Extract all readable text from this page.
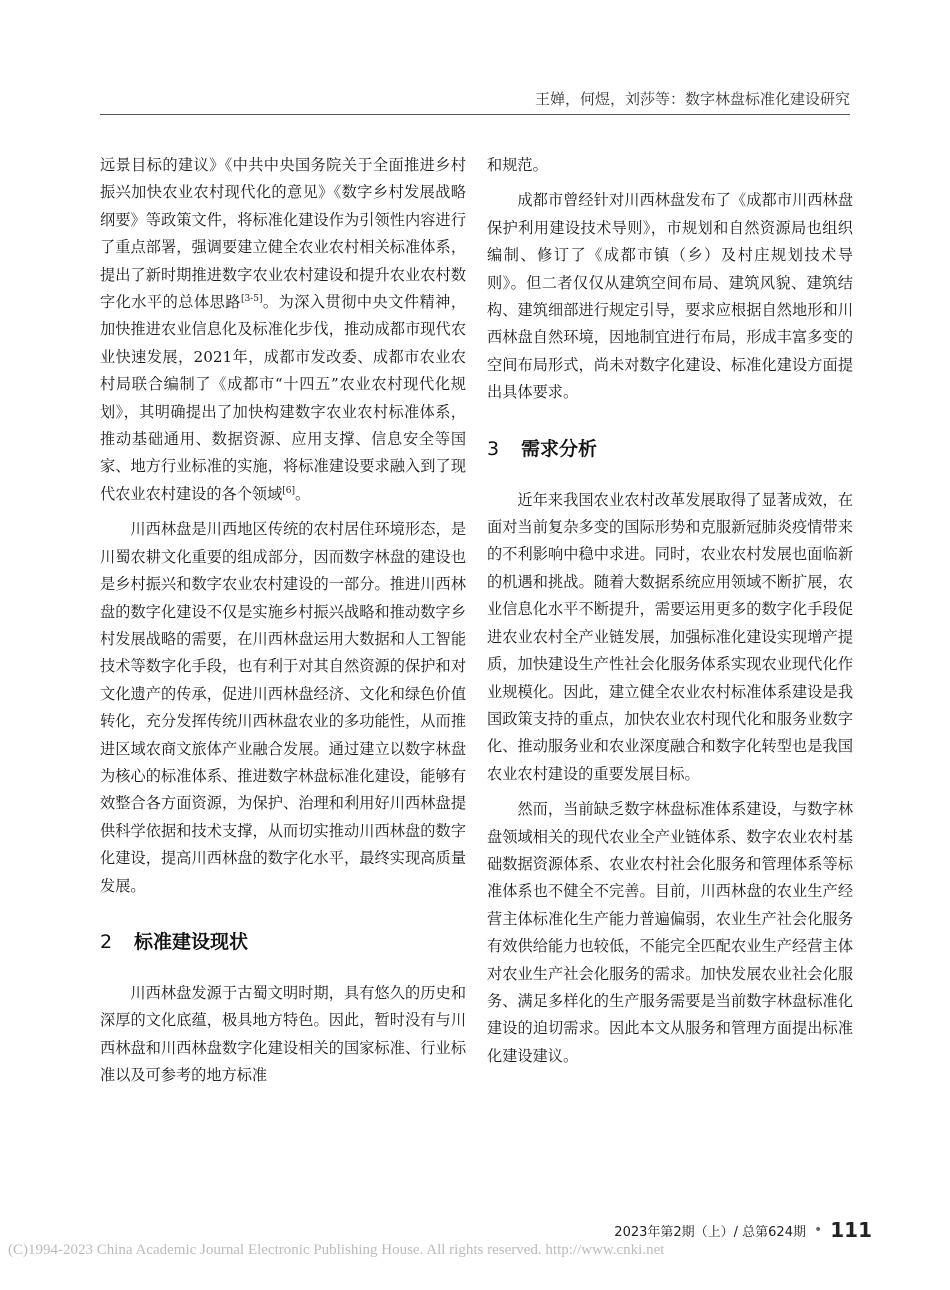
王婵，何煜，刘莎等：数字林盘标准化建设研究

远景目标的建议》《中共中央国务院关于全面推进乡村振兴加快农业农村现代化的意见》《数字乡村发展战略纲要》等政策文件，将标准化建设作为引领性内容进行了重点部署，强调要建立健全农业农村相关标准体系，提出了新时期推进数字农业农村建设和提升农业农村数字化水平的总体思路[3-5]。为深入贯彻中央文件精神，加快推进农业信息化及标准化步伐，推动成都市现代农业快速发展，2021年，成都市发改委、成都市农业农村局联合编制了《成都市“十四五”农业农村现代化规划》，其明确提出了加快构建数字农业农村标准体系，推动基础通用、数据资源、应用支撑、信息安全等国家、地方行业标准的实施，将标准建设要求融入到了现代农业农村建设的各个领域[6]。

川西林盘是川西地区传统的农村居住环境形态，是川蜀农耕文化重要的组成部分，因而数字林盘的建设也是乡村振兴和数字农业农村建设的一部分。推进川西林盘的数字化建设不仅是实施乡村振兴战略和推动数字乡村发展战略的需要，在川西林盘运用大数据和人工智能技术等数字化手段，也有利于对其自然资源的保护和对文化遗产的传承，促进川西林盘经济、文化和绿色价值转化，充分发挥传统川西林盘农业的多功能性，从而推进区域农商文旅体产业融合发展。通过建立以数字林盘为核心的标准体系、推进数字林盘标准化建设，能够有效整合各方面资源，为保护、治理和利用好川西林盘提供科学依据和技术支撑，从而切实推动川西林盘的数字化建设，提高川西林盘的数字化水平，最终实现高质量发展。

2 标准建设现状

川西林盘发源于古蜀文明时期，具有悠久的历史和深厚的文化底蕴，极具地方特色。因此，暂时没有与川西林盘和川西林盘数字化建设相关的国家标准、行业标准以及可参考的地方标准

和规范。

成都市曾经针对川西林盘发布了《成都市川西林盘保护利用建设技术导则》，市规划和自然资源局也组织编制、修订了《成都市镇（乡）及村庄规划技术导则》。但二者仅仅从建筑空间布局、建筑风貌、建筑结构、建筑细部进行规定引导，要求应根据自然地形和川西林盘自然环境，因地制宜进行布局，形成丰富多变的空间布局形式，尚未对数字化建设、标准化建设方面提出具体要求。

3 需求分析

近年来我国农业农村改革发展取得了显著成效，在面对当前复杂多变的国际形势和克服新冠肺炎疫情带来的不利影响中稳中求进。同时，农业农村发展也面临新的机遇和挑战。随着大数据系统应用领域不断扩展，农业信息化水平不断提升，需要运用更多的数字化手段促进农业农村全产业链发展，加强标准化建设实现增产提质，加快建设生产性社会化服务体系实现农业现代化作业规模化。因此，建立健全农业农村标准体系建设是我国政策支持的重点，加快农业农村现代化和服务业数字化、推动服务业和农业深度融合和数字化转型也是我国农业农村建设的重要发展目标。

然而，当前缺乏数字林盘标准体系建设，与数字林盘领域相关的现代农业全产业链体系、数字农业农村基础数据资源体系、农业农村社会化服务和管理体系等标准体系也不健全不完善。目前，川西林盘的农业生产经营主体标准化生产能力普遍偏弱，农业生产社会化服务有效供给能力也较低，不能完全匹配农业生产经营主体对农业生产社会化服务的需求。加快发展农业社会化服务、满足多样化的生产服务需要是当前数字林盘标准化建设的迫切需求。因此本文从服务和管理方面提出标准化建设建议。

2023年第2期（上）/ 总第624期 • 111
(C)1994-2023 China Academic Journal Electronic Publishing House. All rights reserved. http://www.cnki.net
